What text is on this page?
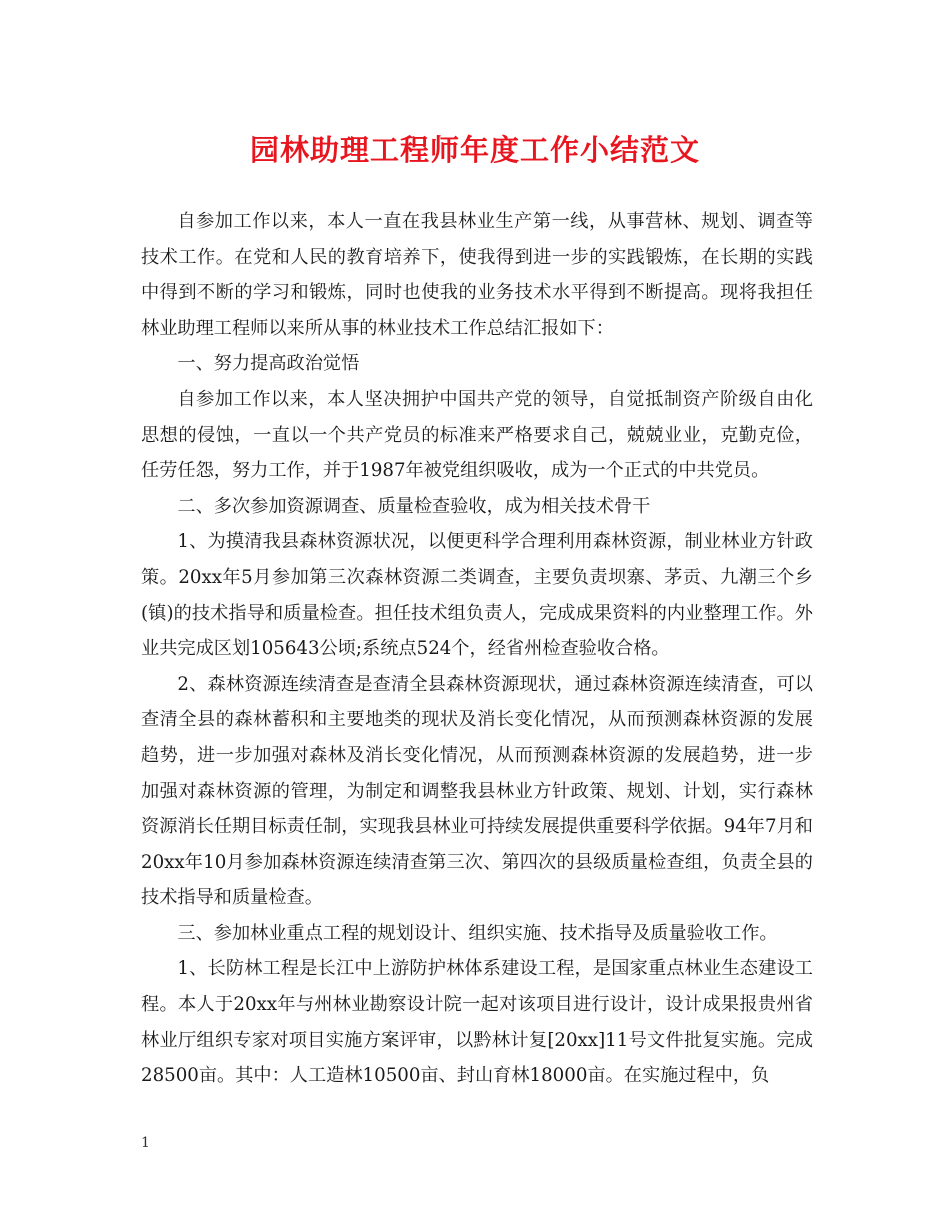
园林助理工程师年度工作小结范文

自参加工作以来，本人一直在我县林业生产第一线，从事营林、规划、调查等技术工作。在党和人民的教育培养下，使我得到进一步的实践锻炼，在长期的实践中得到不断的学习和锻炼，同时也使我的业务技术水平得到不断提高。现将我担任林业助理工程师以来所从事的林业技术工作总结汇报如下：

一、努力提高政治觉悟

自参加工作以来，本人坚决拥护中国共产党的领导，自觉抵制资产阶级自由化思想的侵蚀，一直以一个共产党员的标准来严格要求自己，兢兢业业，克勤克俭，任劳任怨，努力工作，并于1987年被党组织吸收，成为一个正式的中共党员。

二、多次参加资源调查、质量检查验收，成为相关技术骨干

1、为摸清我县森林资源状况，以便更科学合理利用森林资源，制业林业方针政策。20xx年5月参加第三次森林资源二类调查，主要负责坝寨、茅贡、九潮三个乡(镇)的技术指导和质量检查。担任技术组负责人，完成成果资料的内业整理工作。外业共完成区划105643公顷;系统点524个，经省州检查验收合格。

2、森林资源连续清查是查清全县森林资源现状，通过森林资源连续清查，可以查清全县的森林蓄积和主要地类的现状及消长变化情况，从而预测森林资源的发展趋势，进一步加强对森林及消长变化情况，从而预测森林资源的发展趋势，进一步加强对森林资源的管理，为制定和调整我县林业方针政策、规划、计划，实行森林资源消长任期目标责任制，实现我县林业可持续发展提供重要科学依据。94年7月和20xx年10月参加森林资源连续清查第三次、第四次的县级质量检查组，负责全县的技术指导和质量检查。

三、参加林业重点工程的规划设计、组织实施、技术指导及质量验收工作。

1、长防林工程是长江中上游防护林体系建设工程，是国家重点林业生态建设工程。本人于20xx年与州林业勘察设计院一起对该项目进行设计，设计成果报贵州省林业厅组织专家对项目实施方案评审，以黔林计复[20xx]11号文件批复实施。完成28500亩。其中：人工造林10500亩、封山育林18000亩。在实施过程中，负

1
